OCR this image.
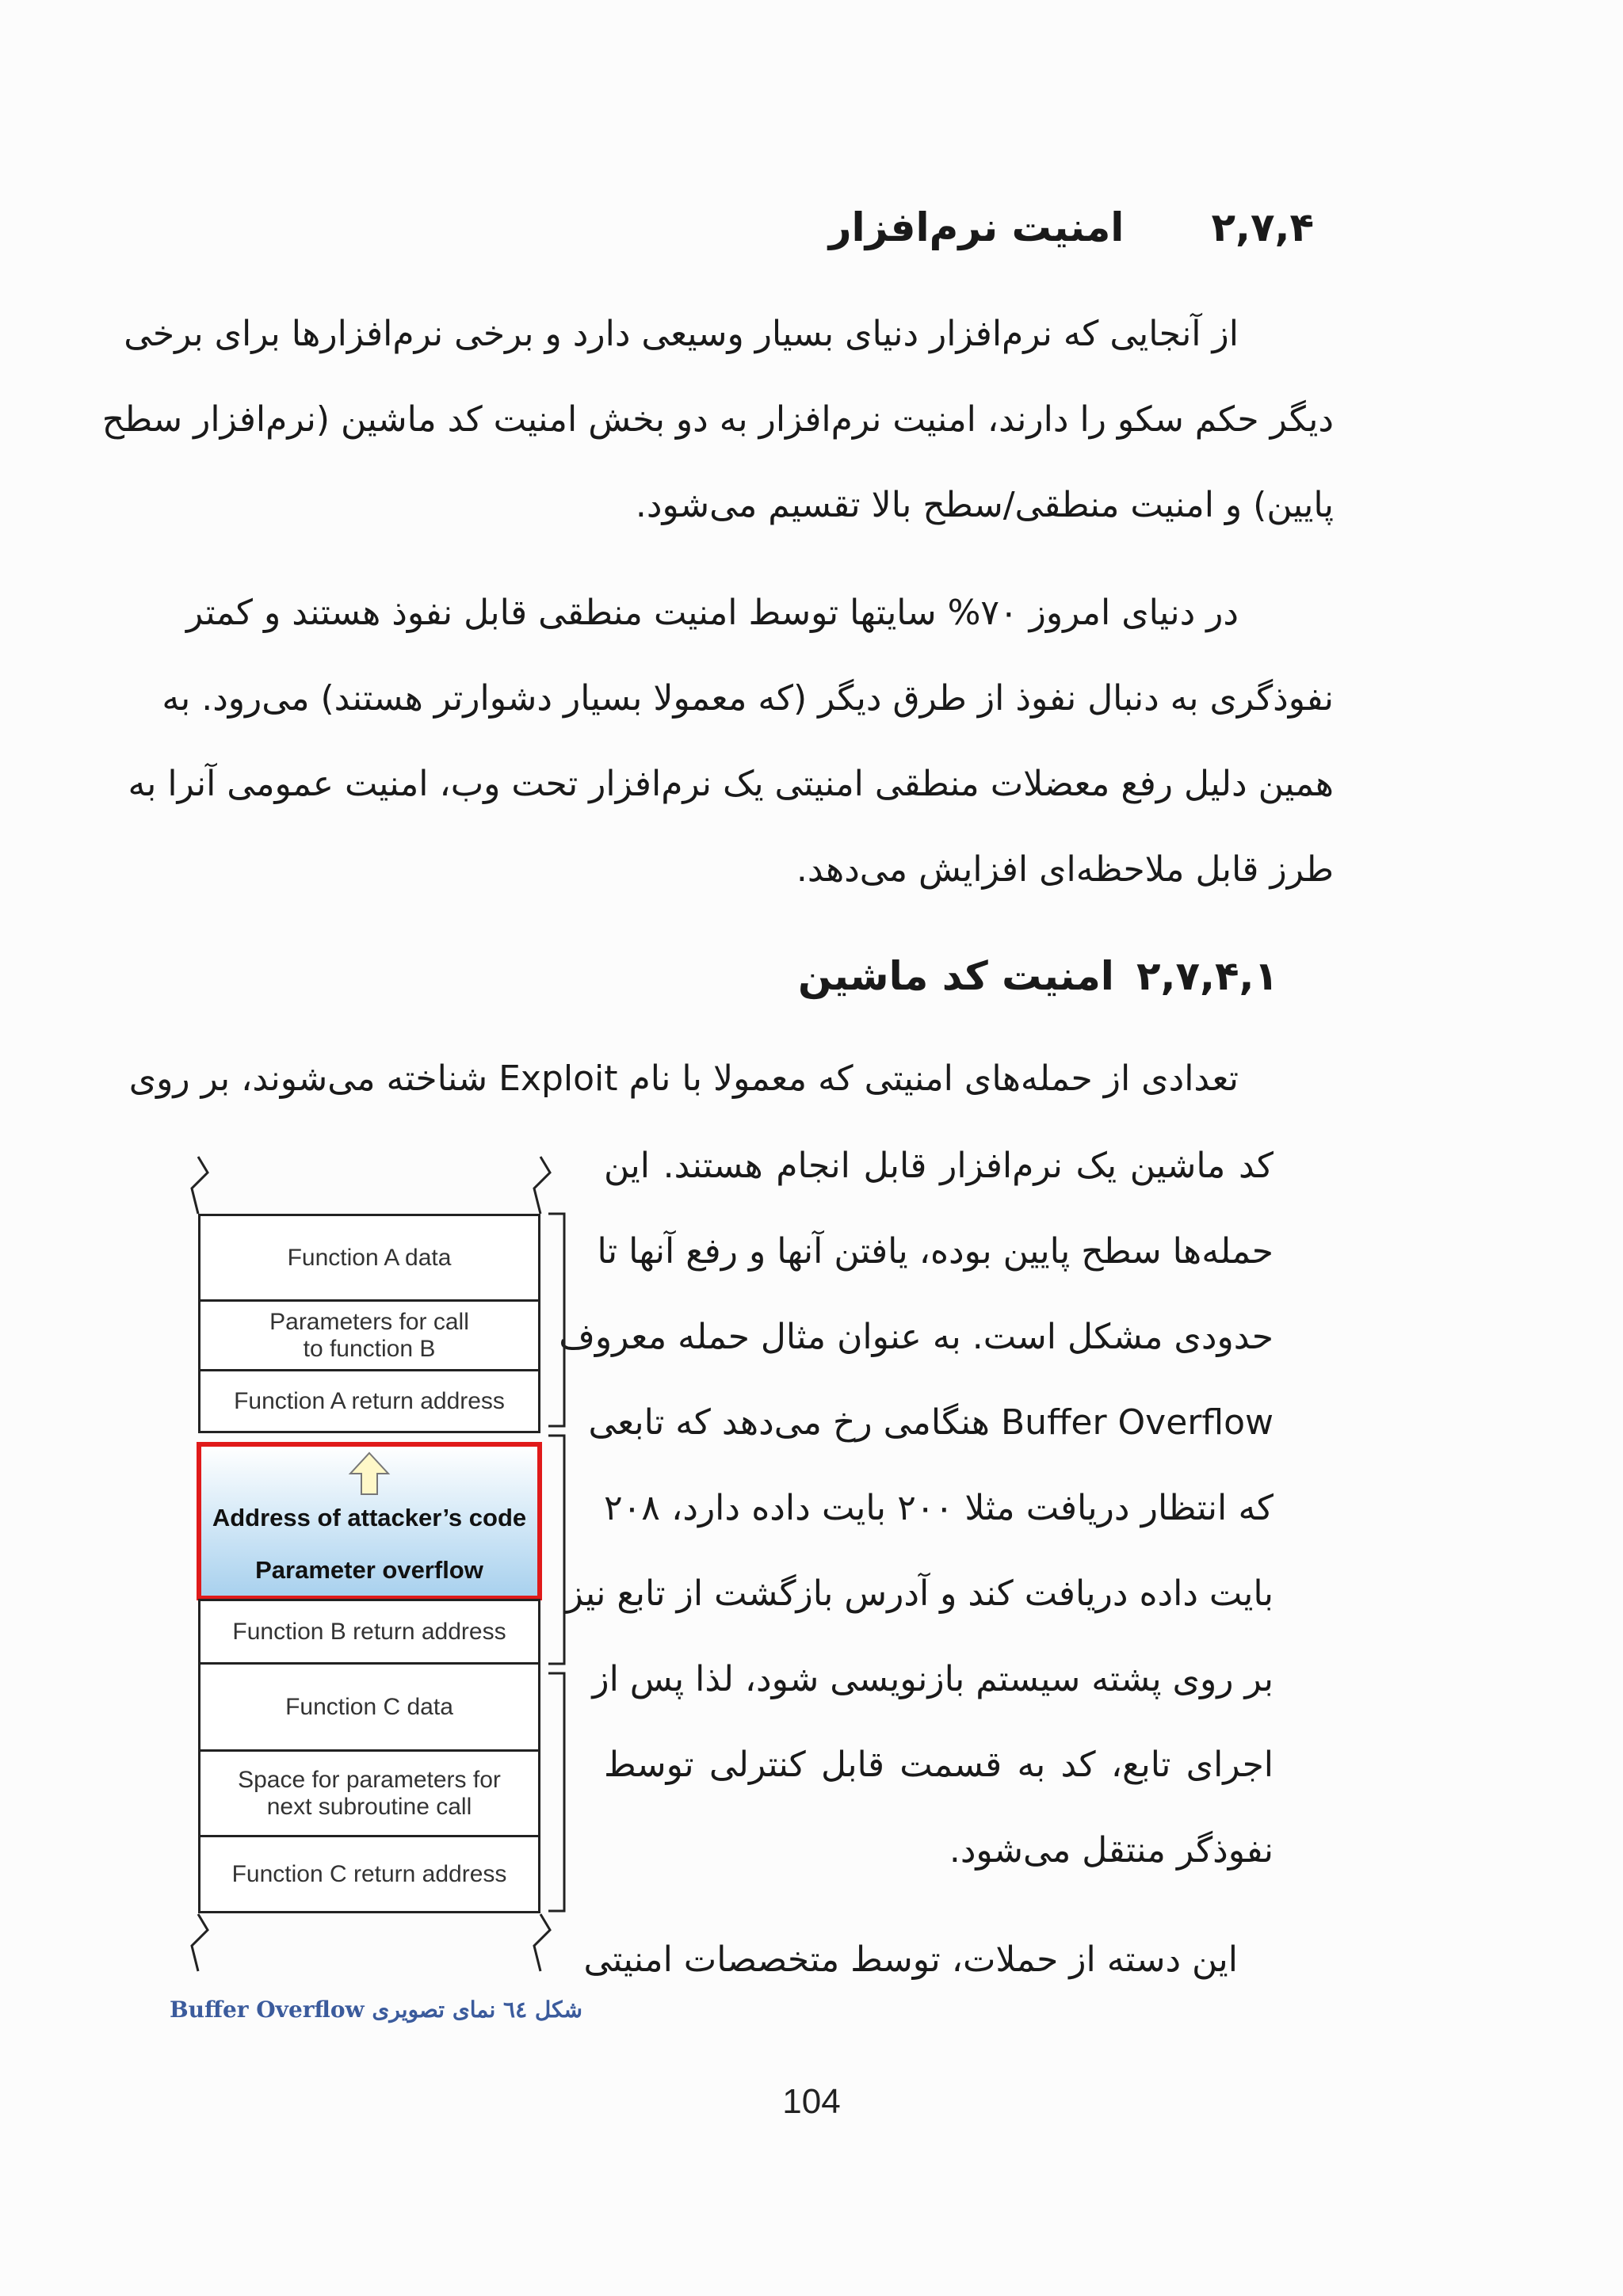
۲,۷,۴امنیت نرم‌افزار
از آنجایی که نرم‌افزار دنیای بسیار وسیعی دارد و برخی نرم‌افزارها برای برخی
دیگر حکم سکو را دارند، امنیت نرم‌افزار به دو بخش امنیت کد ماشین (نرم‌افزار سطح
پایین) و امنیت منطقی/سطح بالا تقسیم می‌شود.
در دنیای امروز ۷۰% سایتها توسط امنیت منطقی قابل نفوذ هستند و کمتر
نفوذگری به دنبال نفوذ از طرق دیگر (که معمولا بسیار دشوارتر هستند) می‌رود. به
همین دلیل رفع معضلات منطقی امنیتی یک نرم‌افزار تحت وب، امنیت عمومی آنرا به
طرز قابل ملاحظه‌ای افزایش می‌دهد.
۲,۷,۴,۱امنیت کد ماشین
تعدادی از حمله‌های امنیتی که معمولا با نام Exploit شناخته می‌شوند، بر روی
کد ماشین یک نرم‌افزار قابل انجام هستند. این
حمله‌ها سطح پایین بوده، یافتن آنها و رفع آنها تا
حدودی مشکل است. به عنوان مثال حمله معروف
Buffer Overflow هنگامی رخ می‌دهد که تابعی
که انتظار دریافت مثلا ۲۰۰ بایت داده دارد، ۲۰۸
بایت داده دریافت کند و آدرس بازگشت از تابع نیز
بر روی پشته سیستم بازنویسی شود، لذا پس از
اجرای تابع، کد به قسمت قابل کنترلی توسط
نفوذگر منتقل می‌شود.
این دسته از حملات، توسط متخصصات امنیتی
Function A data
Parameters for call
to function B
Function A return address
Address of attacker’s code
Parameter overflow
Function B return address
Function C data
Space for parameters for
next subroutine call
Function C return address
شکل ٦٤ نمای تصویری Buffer Overflow
104
